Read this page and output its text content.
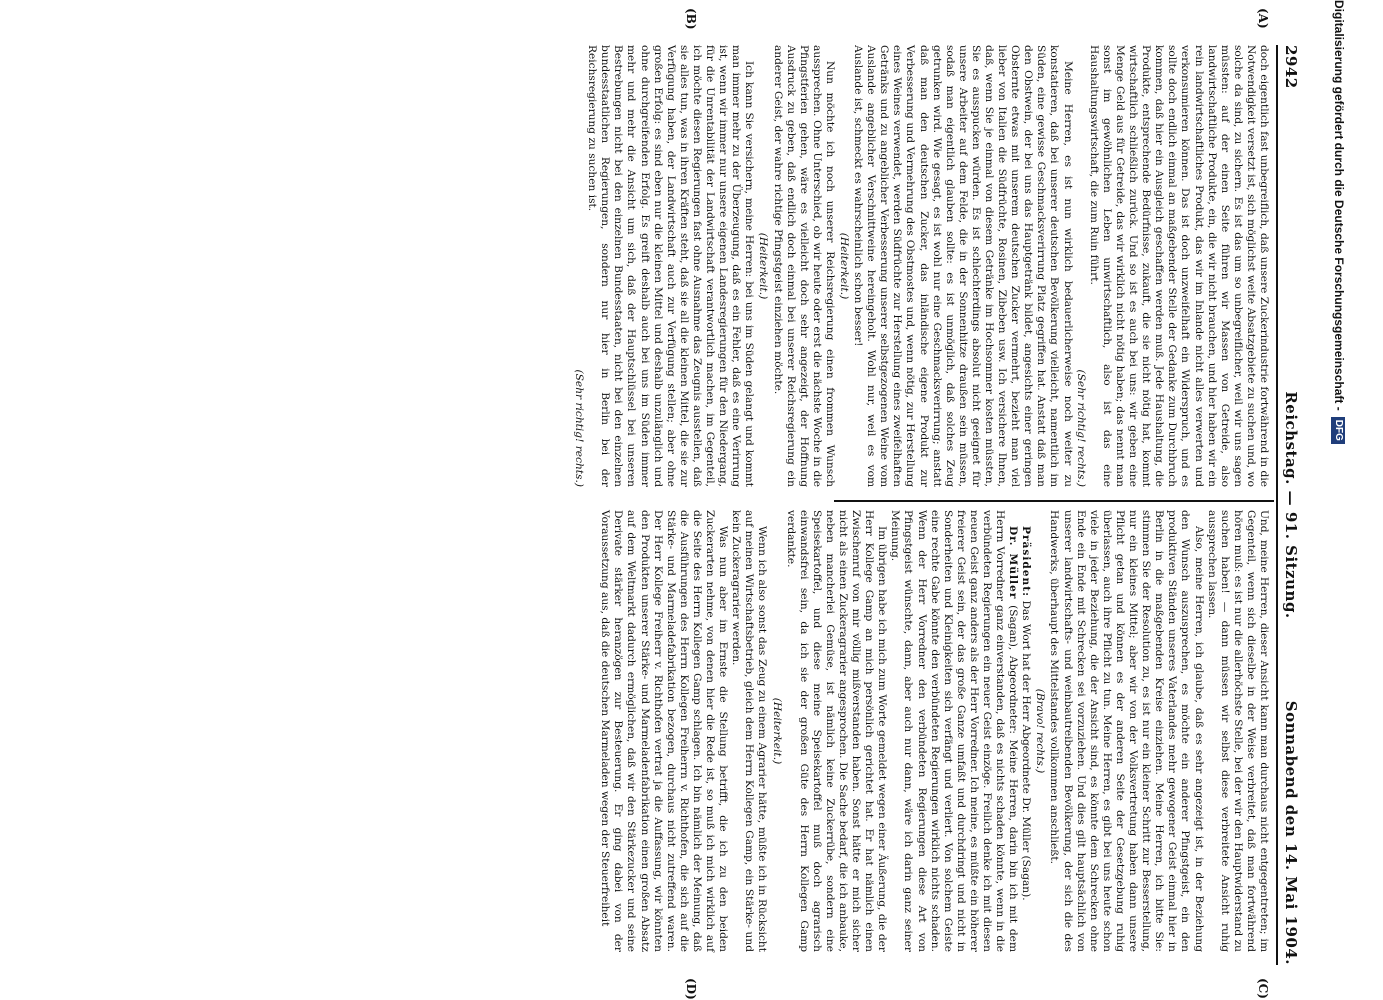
2942
Reichstag. — 91. Sitzung.
Sonnabend den 14. Mai 1904.
(A)
(B)
(C)
(D)

doch eigentlich fast unbegreiflich, daß unsere Zuckerindustrie fortwährend in die Notwendigkeit versetzt ist, sich möglichst weite Absatzgebiete zu suchen und, wo solche da sind, zu sichern. Es ist das um so unbegreiflicher, weil wir uns sagen müssten: auf der einen Seite führen wir Massen von Getreide, also landwirtschaftliche Produkte, ein, die wir nicht brauchen, und hier haben wir ein rein landwirtschaftliches Produkt, das wir im Inlande nicht alles verwerten und verkonsumieren können. Das ist doch unzweifelhaft ein Widerspruch, und es sollte doch endlich einmal an maßgebender Stelle der Gedanke zum Durchbruch kommen, daß hier ein Ausgleich geschaffen werden muß. Jede Haushaltung, die Produkte, entsprechende Bedürfnisse, zukauft, die sie nicht nötig hat, kommt wirtschaftlich schließlich zurück. Und so ist es auch bei uns: wir geben eine Menge Geld aus für Getreide, das wir wirklich nicht nötig haben; das nennt man sonst im gewöhnlichen Leben unwirtschaftlich, also ist das eine Haushaltungswirtschaft, die zum Ruin führt.

(Sehr richtig! rechts.)

Meine Herren, es ist nun wirklich bedauerlicherweise noch weiter zu konstatieren, daß bei unserer deutschen Bevölkerung vielleicht, namentlich im Süden, eine gewisse Geschmacksverirrung Platz gegriffen hat. Anstatt daß man den Obstwein, der bei uns das Hauptgetränk bildet, angesichts einer geringen Obsternte etwas mit unserem deutschen Zucker vermehrt, bezieht man viel lieber von Italien die Südfrüchte, Rosinen, Zibeben usw. Ich versichere Ihnen, daß, wenn Sie je einmal von diesem Getränke im Hochsommer kosten müssten, Sie es ausspucken würden. Es ist schlechterdings absolut nicht geeignet für unsere Arbeiter auf dem Felde, die in der Sonnenhitze draußen sein müssen, sodaß man eigentlich glauben sollte: es ist unmöglich, daß solches Zeug getrunken wird. Wie gesagt, es ist wohl nur eine Geschmacksverirrung; anstatt daß man den deutschen Zucker, das inländische eigene Produkt zur Verbesserung und Vermehrung des Obstmostes und, wenn nötig, zur Herstellung eines Weines verwendet, werden Südfrüchte zur Herstellung eines zweifelhaften Getränks und zu angeblicher Verbesserung unserer selbstgezogenen Weine vom Auslande angeblicher Verschnittweine hereingeholt. Wohl nur, weil es vom Auslande ist, schmeckt es wahrscheinlich schon besser!

(Heiterkeit.)

Nun möchte ich noch unserer Reichsregierung einen frommen Wunsch aussprechen. Ohne Unterschied, ob wir heute oder erst die nächste Woche in die Pfingstferien gehen, wäre es vielleicht doch sehr angezeigt, der Hoffnung Ausdruck zu geben, daß endlich doch einmal bei unserer Reichsregierung ein anderer Geist, der wahre richtige Pfingstgeist einziehen möchte.

(Heiterkeit.)

Ich kann Sie versichern, meine Herren: bei uns im Süden gelangt und kommt man immer mehr zu der Überzeugung, daß es ein Fehler, daß es eine Verirrung ist, wenn wir immer nur unsere eigenen Landesregierungen für den Niedergang, für die Unrentabilität der Landwirtschaft verantwortlich machen, im Gegenteil, ich möchte diesen Regierungen fast ohne Ausnahme das Zeugnis ausstellen, daß sie alles tun, was in ihren Kräften steht, daß sie all die kleinen Mittel, die sie zur Verfügung haben, der Landwirtschaft auch zur Verfügung stellen; aber ohne großen Erfolg: es sind eben nur die kleinen Mittel und deshalb unzulänglich und ohne durchgreifenden Erfolg. Es greift deshalb auch bei uns im Süden immer mehr und mehr die Ansicht um sich, daß der Hauptschlüssel bei unseren Bestrebungen nicht bei den einzelnen Bundesstaaten, nicht bei den einzelnen bundesstaatlichen Regierungen, sondern nur hier in Berlin bei der Reichsregierung zu suchen ist.

(Sehr richtig! rechts.)

Und, meine Herren, dieser Ansicht kann man durchaus nicht entgegentreten; im Gegenteil, wenn sich dieselbe in der Weise verbreitet, daß man fortwährend hören muß: es ist nur die allerhöchste Stelle, bei der wir den Hauptwiderstand zu suchen haben! — dann müssen wir selbst diese verbreitete Ansicht ruhig aussprechen lassen.

Also, meine Herren, ich glaube, daß es sehr angezeigt ist, in der Beziehung den Wunsch auszusprechen, es möchte ein anderer Pfingstgeist, ein den produktiven Ständen unseres Vaterlandes mehr gewogener Geist einmal hier in Berlin in die maßgebenden Kreise einziehen. Meine Herren, ich bitte Sie: stimmen Sie der Resolution zu, es ist nur ein kleiner Schritt zur Besserstellung, nur ein kleines Mittel; aber wir von der Volksvertretung haben dann unsere Pflicht getan und können es der anderen Seite der Gesetzgebung ruhig überlassen, auch ihre Pflicht zu tun. Meine Herren, es gibt bei uns heute schon viele in jeder Beziehung, die der Ansicht sind, es könnte dem Schrecken ohne Ende ein Ende mit Schrecken sei vorzuziehen. Und dies gilt hauptsächlich von unserer landwirtschafts- und weinbautreibenden Bevölkerung, der sich die des Handwerks, überhaupt des Mittelstandes vollkommen anschließt.

(Bravo! rechts.)

Präsident: Das Wort hat der Herr Abgeordnete Dr. Müller (Sagan).

Dr. Müller (Sagan), Abgeordneter: Meine Herren, darin bin ich mit dem Herrn Vorredner ganz einverstanden, daß es nichts schaden könnte, wenn in die verbündeten Regierungen ein neuer Geist einzöge. Freilich denke ich mit diesen neuen Geist ganz anders als der Herr Vorredner. Ich meine, es müßte ein höherer freierer Geist sein, der das große Ganze umfaßt und durchdringt und nicht in Sonderheiten und Kleinigkeiten sich verfängt und verliert. Von solchem Geiste eine rechte Gabe könnte den verbündeten Regierungen wirklich nichts schaden. Wenn der Herr Vorredner den verbündeten Regierungen diese Art von Pfingstgeist wünschte, dann, aber auch nur dann, wäre ich darin ganz seiner Meinung.

Im übrigen habe ich mich zum Worte gemeldet wegen einer Äußerung, die der Herr Kollege Gamp an mich persönlich gerichtet hat. Er hat nämlich einen Zwischenruf von mir völlig mißverstanden haben. Sonst hätte er mich sicher nicht als einen Zuckeragrarier angesprochen. Die Sache bedarf, die ich anbauke, neben mancherlei Gemüse, ist nämlich keine Zuckerrübe, sondern eine Speisekartoffel, und diese meine Speisekartoffel muß doch agrarisch einwandsfrei sein, da ich sie der großen Güte des Herrn Kollegen Gamp verdankte.

(Heiterkeit.)

Wenn ich also sonst das Zeug zu einem Agrarier hätte, müßte ich in Rücksicht auf meinen Wirtschaftsbetrieb, gleich dem Herrn Kollegen Gamp, ein Stärke- und kein Zuckeragrarier werden.

Was nun aber im Ernste die Stellung betrifft, die ich zu den beiden Zuckerarten nehme, von denen hier die Rede ist, so muß ich mich wirklich auf die Seite des Herrn Kollegen Gamp schlagen. Ich bin nämlich der Meinung, daß die Ausführungen des Herrn Kollegen Freiherrn v. Richthofen, die sich auf die Stärke- und Marmeladefabrikation bezogen, durchaus nicht zutreffend waren. Der Herr Kollege Freiherr v. Richthofen vertrat ja die Auffassung, wir könnten den Produkten unserer Stärke- und Marmeladenfabrikation einen großen Absatz auf dem Weltmarkt dadurch ermöglichen, daß wir den Stärkezucker und seine Derivate stärker heranzögen zur Besteuerung. Er ging dabei von der Voraussetzung aus, daß die deutschen Marmeladen wegen der Steuerfreiheit

Digitalisierung gefördert durch die Deutsche Forschungsgemeinschaft -DFG
